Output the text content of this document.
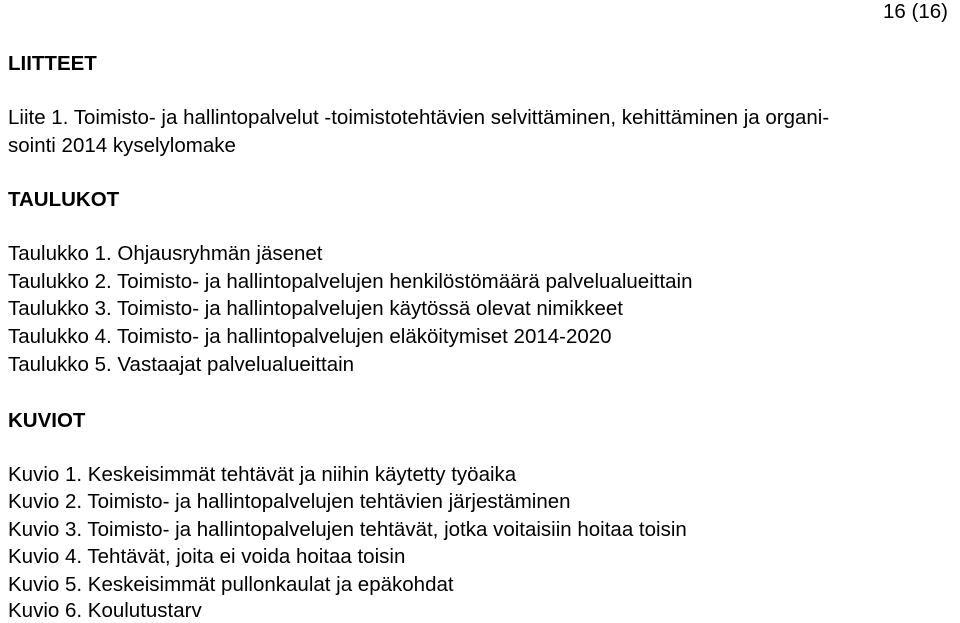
16 (16)
LIITTEET

Liite 1. Toimisto- ja hallintopalvelut -toimistotehtävien selvittäminen, kehittäminen ja organi-

sointi 2014 kyselylomake

TAULUKOT

Taulukko 1. Ohjausryhmän jäsenet

Taulukko 2. Toimisto- ja hallintopalvelujen henkilöstömäärä palvelualueittain

Taulukko 3. Toimisto- ja hallintopalvelujen käytössä olevat nimikkeet

Taulukko 4. Toimisto- ja hallintopalvelujen eläköitymiset 2014-2020

Taulukko 5. Vastaajat palvelualueittain

KUVIOT

Kuvio 1. Keskeisimmät tehtävät ja niihin käytetty työaika

Kuvio 2. Toimisto- ja hallintopalvelujen tehtävien järjestäminen

Kuvio 3. Toimisto- ja hallintopalvelujen tehtävät, jotka voitaisiin hoitaa toisin

Kuvio 4. Tehtävät, joita ei voida hoitaa toisin

Kuvio 5. Keskeisimmät pullonkaulat ja epäkohdat

Kuvio 6. Koulutustarv
